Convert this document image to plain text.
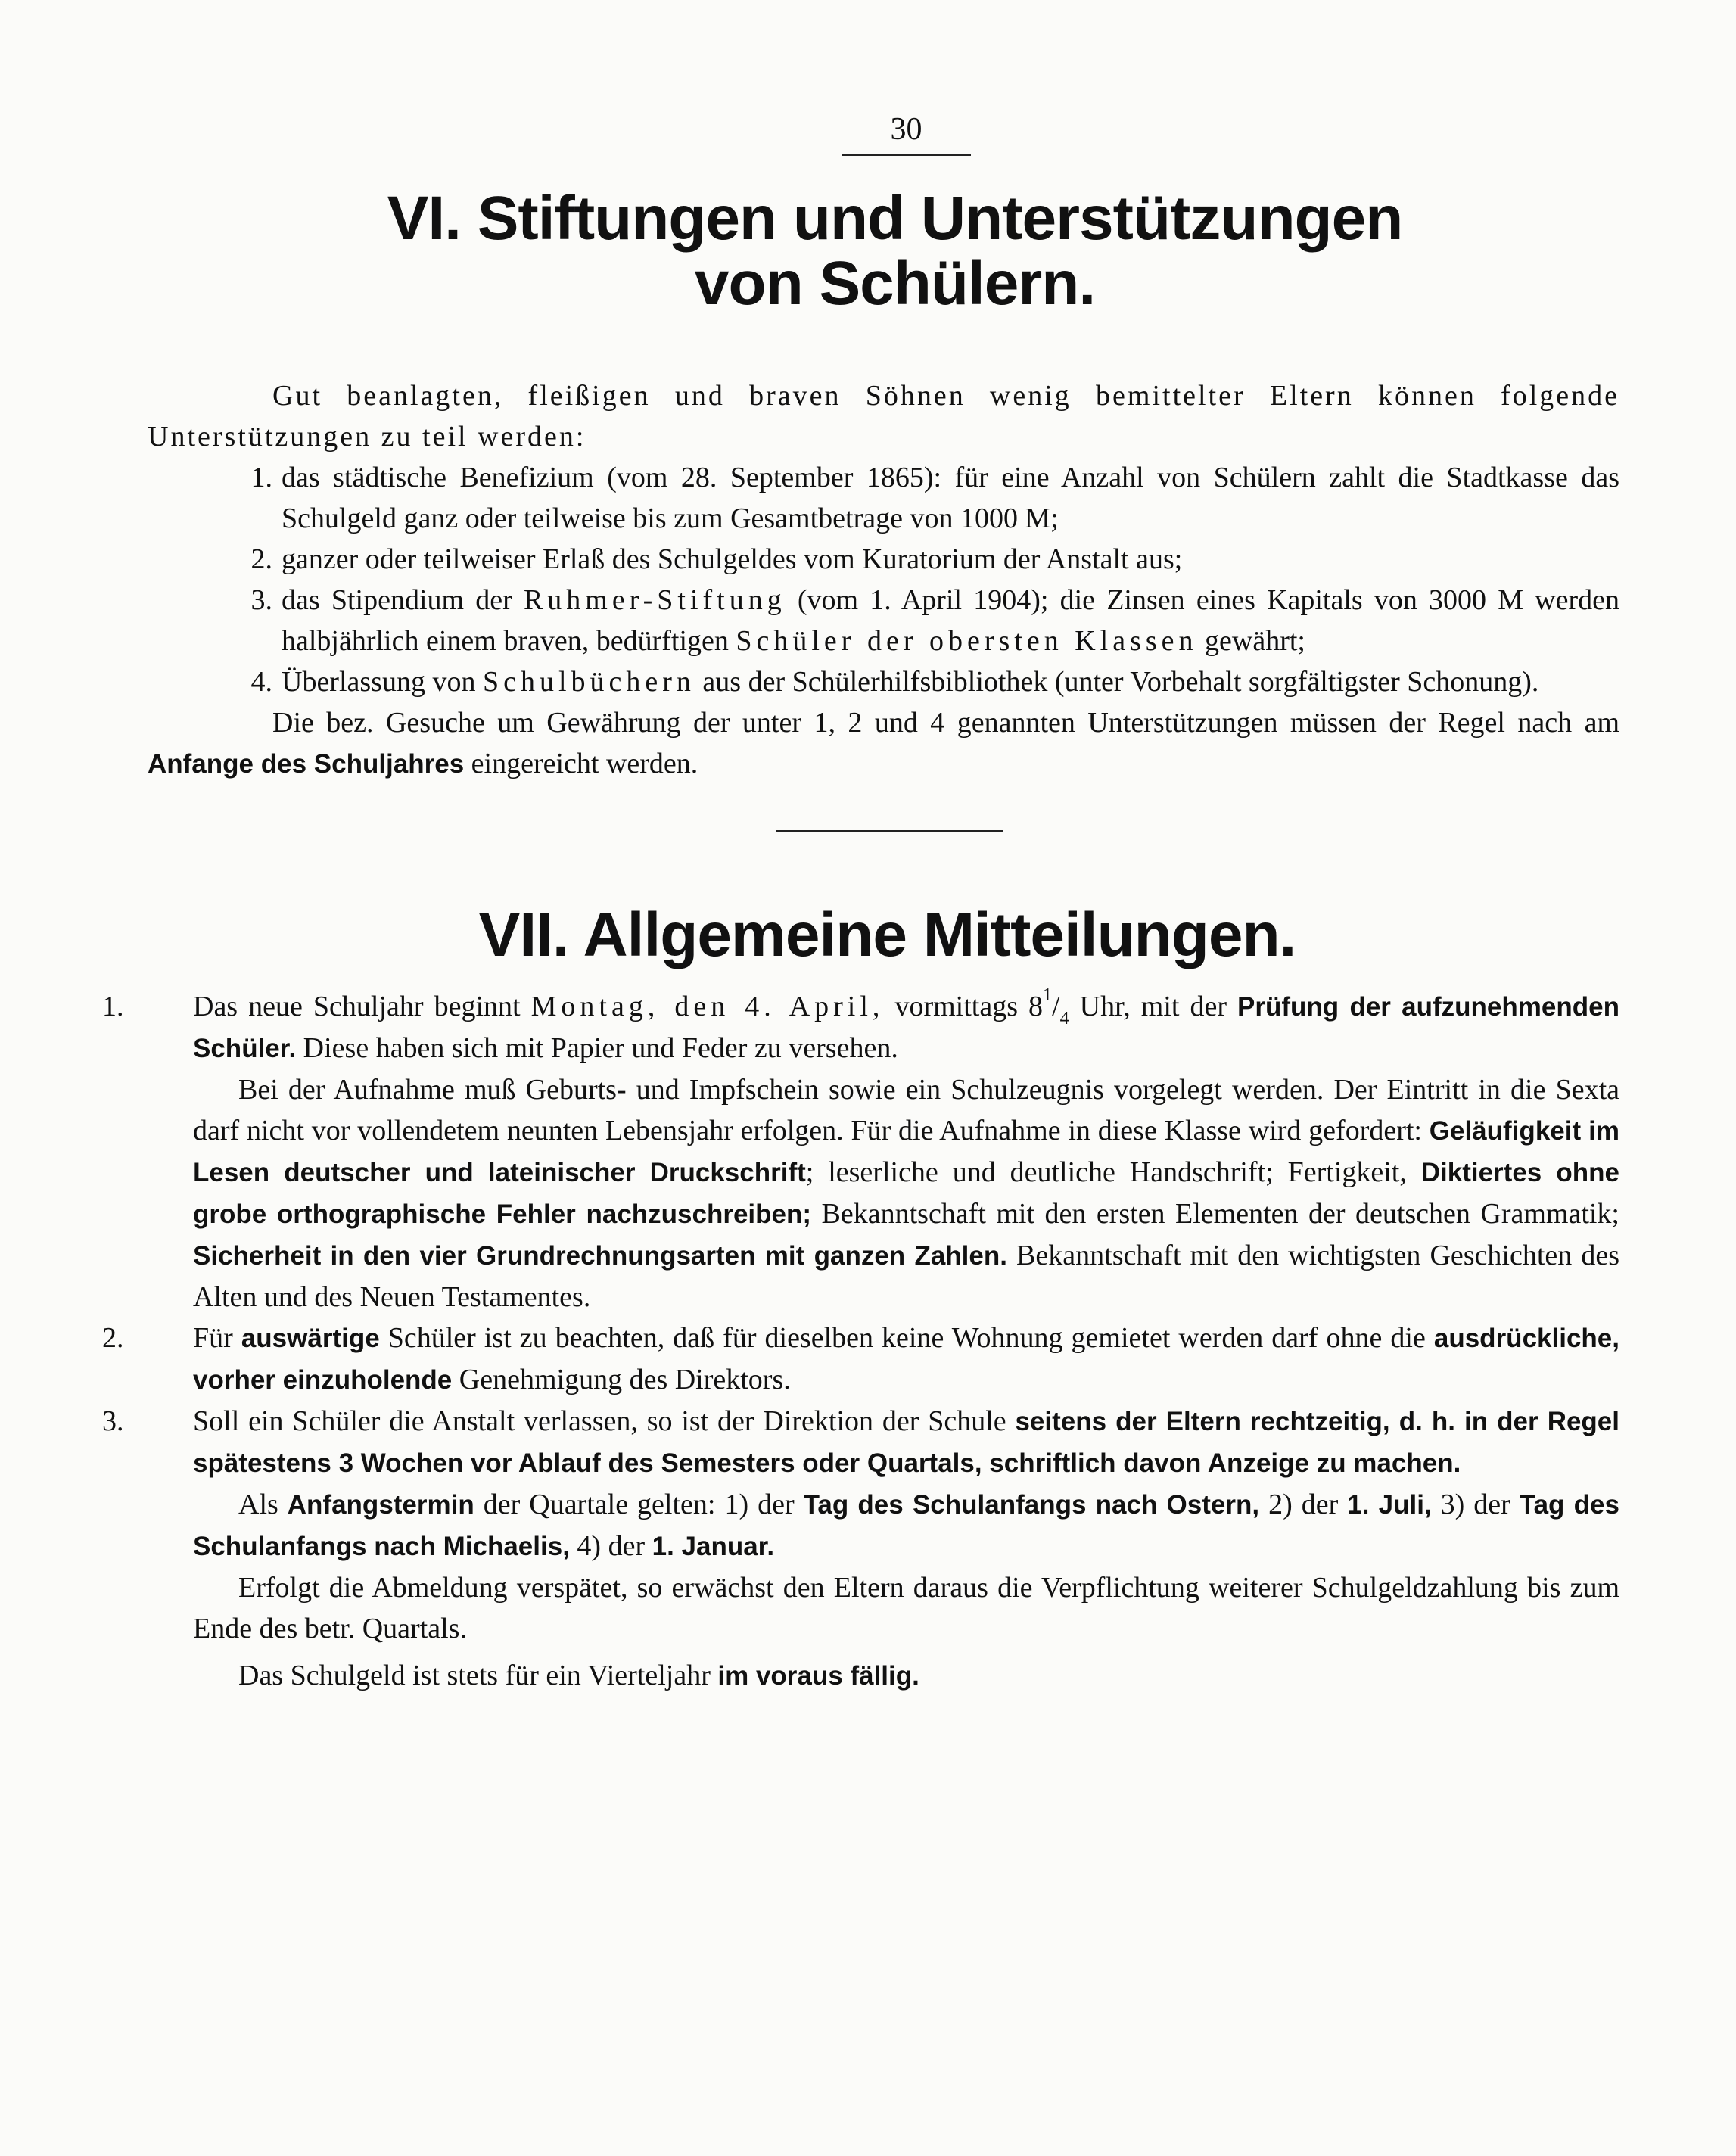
30
VI. Stiftungen und Unterstützungen
von Schülern.

Gut beanlagten, fleißigen und braven Söhnen wenig bemittelter Eltern können folgende Unterstützungen zu teil werden:

1. das städtische Benefizium (vom 28. September 1865): für eine Anzahl von Schülern zahlt die Stadtkasse das Schulgeld ganz oder teilweise bis zum Gesamtbetrage von 1000 M;
2. ganzer oder teilweiser Erlaß des Schulgeldes vom Kuratorium der Anstalt aus;
3. das Stipendium der Ruhmer-Stiftung (vom 1. April 1904); die Zinsen eines Kapitals von 3000 M werden halbjährlich einem braven, bedürftigen Schüler der obersten Klassen gewährt;
4. Überlassung von Schulbüchern aus der Schülerhilfsbibliothek (unter Vorbehalt sorgfältigster Schonung).

Die bez. Gesuche um Gewährung der unter 1, 2 und 4 genannten Unterstützungen müssen der Regel nach am Anfange des Schuljahres eingereicht werden.

VII. Allgemeine Mitteilungen.

1. Das neue Schuljahr beginnt Montag, den 4. April, vormittags $8^1/4$ Uhr, mit der Prüfung der aufzunehmenden Schüler. Diese haben sich mit Papier und Feder zu versehen.

Bei der Aufnahme muß Geburts- und Impfschein sowie ein Schulzeugnis vorgelegt werden. Der Eintritt in die Sexta darf nicht vor vollendetem neunten Lebensjahr erfolgen. Für die Aufnahme in diese Klasse wird gefordert: Geläufigkeit im Lesen deutscher und lateinischer Druckschrift; leserliche und deutliche Handschrift; Fertigkeit, Diktiertes ohne grobe orthographische Fehler nachzuschreiben; Bekanntschaft mit den ersten Elementen der deutschen Grammatik; Sicherheit in den vier Grundrechnungsarten mit ganzen Zahlen. Bekanntschaft mit den wichtigsten Geschichten des Alten und des Neuen Testamentes.

2. Für auswärtige Schüler ist zu beachten, daß für dieselben keine Wohnung gemietet werden darf ohne die ausdrückliche, vorher einzuholende Genehmigung des Direktors.

3. Soll ein Schüler die Anstalt verlassen, so ist der Direktion der Schule seitens der Eltern rechtzeitig, d. h. in der Regel spätestens 3 Wochen vor Ablauf des Semesters oder Quartals, schriftlich davon Anzeige zu machen.

Als Anfangstermin der Quartale gelten: 1) der Tag des Schulanfangs nach Ostern, 2) der 1. Juli, 3) der Tag des Schulanfangs nach Michaelis, 4) der 1. Januar.

Erfolgt die Abmeldung verspätet, so erwächst den Eltern daraus die Verpflichtung weiterer Schulgeldzahlung bis zum Ende des betr. Quartals.

Das Schulgeld ist stets für ein Vierteljahr im voraus fällig.
